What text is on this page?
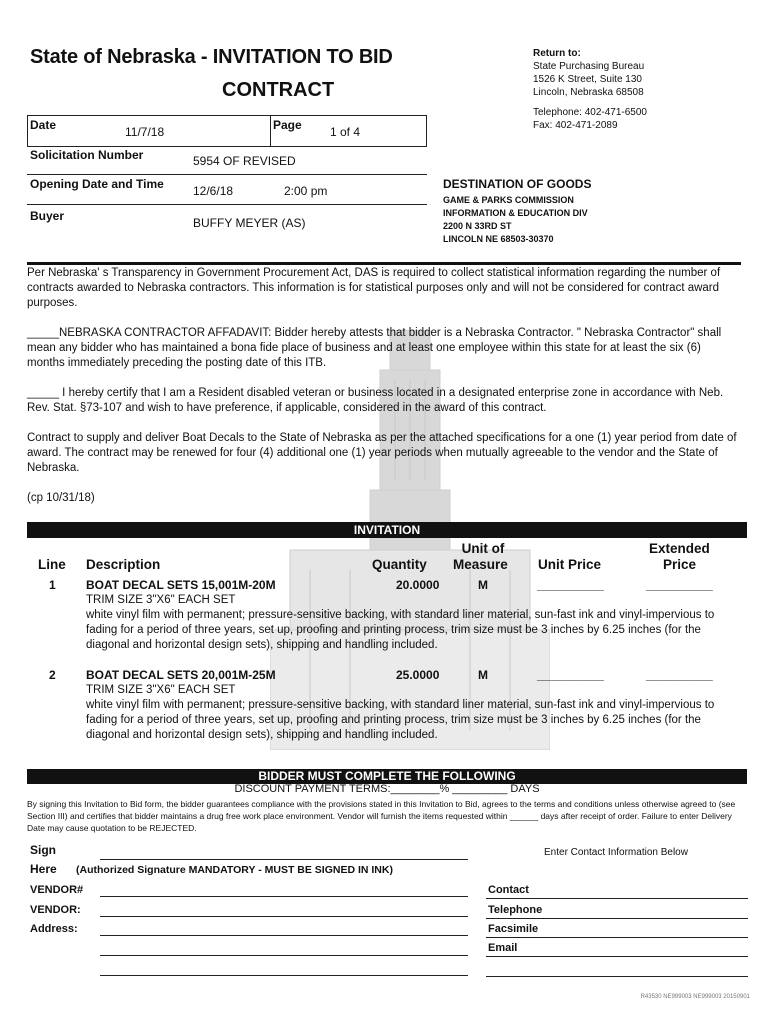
State of Nebraska - INVITATION TO BID
CONTRACT
Return to:
State Purchasing Bureau
1526 K Street, Suite 130
Lincoln, Nebraska 68508
Telephone: 402-471-6500
Fax: 402-471-2089
Date	11/7/18	Page 1 of 4
Solicitation Number	5954 OF REVISED
Opening Date and Time 12/6/18	2:00 pm
Buyer	BUFFY MEYER (AS)
DESTINATION OF GOODS
GAME & PARKS COMMISSION
INFORMATION & EDUCATION DIV
2200 N 33RD ST
LINCOLN NE 68503-30370
Per Nebraska' s Transparency in Government Procurement Act, DAS is required to collect statistical information regarding the number of contracts awarded to Nebraska contractors. This information is for statistical purposes only and will not be considered for contract award purposes.
_____NEBRASKA CONTRACTOR AFFADAVIT: Bidder hereby attests that bidder is a Nebraska Contractor. " Nebraska Contractor" shall mean any bidder who has maintained a bona fide place of business and at least one employee within this state for at least the six (6) months immediately preceding the posting date of this ITB.
_____ I hereby certify that I am a Resident disabled veteran or business located in a designated enterprise zone in accordance with Neb. Rev. Stat. §73-107 and wish to have preference, if applicable, considered in the award of this contract.
Contract to supply and deliver Boat Decals to the State of Nebraska as per the attached specifications for a one (1) year period from date of award. The contract may be renewed for four (4) additional one (1) year periods when mutually agreeable to the vendor and the State of Nebraska.
(cp 10/31/18)
INVITATION
Line Description	Quantity
Unit of
Measure Unit Price
Extended
Price
1	BOAT DECAL SETS 15,001M-20M	20.0000	M	__________	__________
TRIM SIZE 3"X6" EACH SET
white vinyl film with permanent; pressure-sensitive backing, with standard liner material, sun-fast ink and vinyl-impervious to fading for a period of three years, set up, proofing and printing process, trim size must be 3 inches by 6.25 inches (for the diagonal and horizontal design sets), shipping and handling included.
2	BOAT DECAL SETS 20,001M-25M	25.0000	M	__________	__________
TRIM SIZE 3"X6" EACH SET
white vinyl film with permanent; pressure-sensitive backing, with standard liner material, sun-fast ink and vinyl-impervious to fading for a period of three years, set up, proofing and printing process, trim size must be 3 inches by 6.25 inches (for the diagonal and horizontal design sets), shipping and handling included.
BIDDER MUST COMPLETE THE FOLLOWING
DISCOUNT PAYMENT TERMS:________% _________ DAYS
By signing this Invitation to Bid form, the bidder guarantees compliance with the provisions stated in this Invitation to Bid, agrees to the terms and conditions unless otherwise agreed to (see Section III) and certifies that bidder maintains a drug free work place environment. Vendor will furnish the items requested within ______ days after receipt of order. Failure to enter Delivery Date may cause quotation to be REJECTED.
Sign
Here (Authorized Signature MANDATORY - MUST BE SIGNED IN INK)
Enter Contact Information Below
VENDOR#
VENDOR:
Address:
Contact
Telephone
Facsimile
Email
R43530 NE999003 NE999003 20150901
